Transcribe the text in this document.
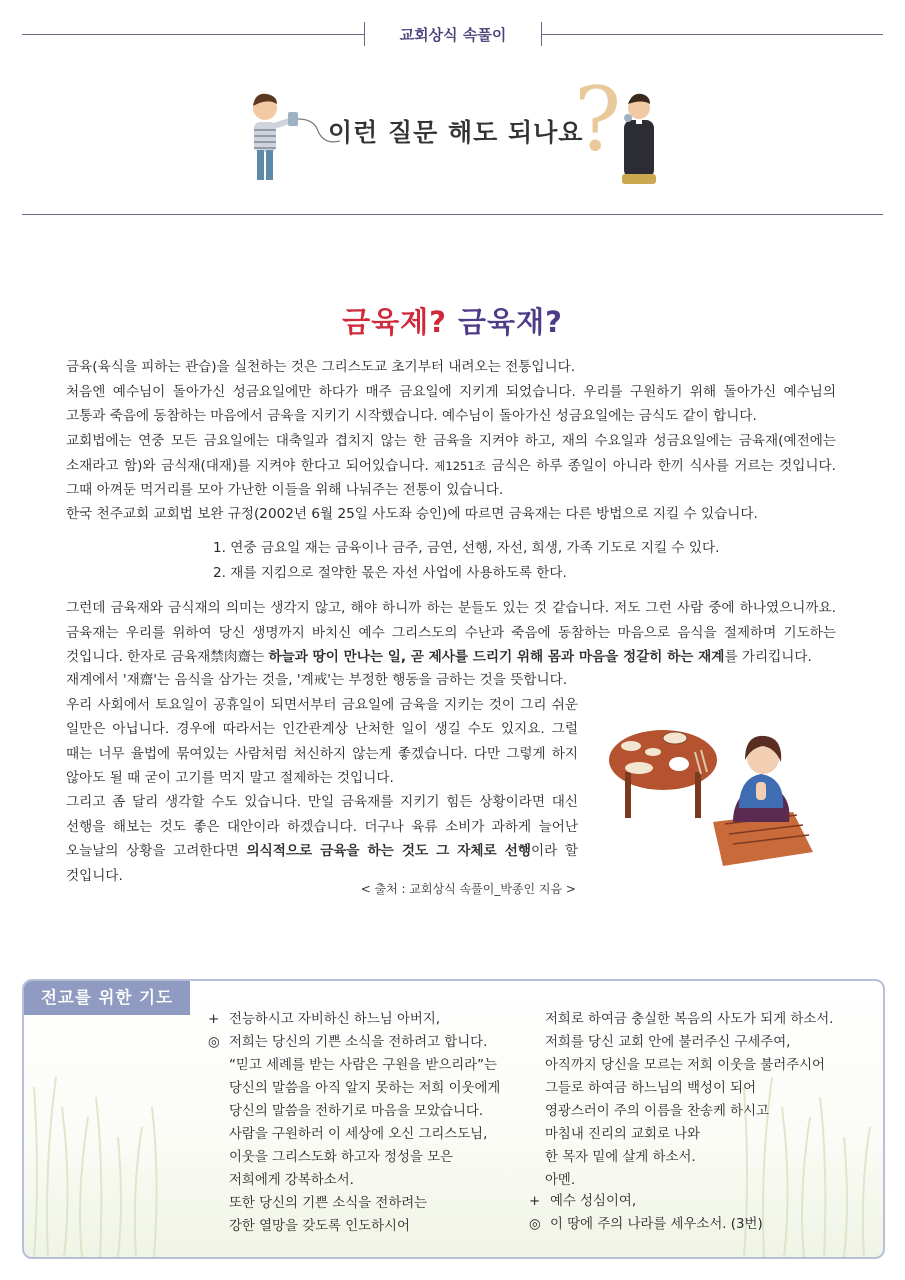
교회상식 속풀이
이런 질문 해도 되나요
?
금육제? 금육재?
금육(육식을 피하는 관습)을 실천하는 것은 그리스도교 초기부터 내려오는 전통입니다.
처음엔 예수님이 돌아가신 성금요일에만 하다가 매주 금요일에 지키게 되었습니다. 우리를 구원하기 위해 돌아가신 예수님의 고통과 죽음에 동참하는 마음에서 금육을 지키기 시작했습니다. 예수님이 돌아가신 성금요일에는 금식도 같이 합니다.
교회법에는 연중 모든 금요일에는 대축일과 겹치지 않는 한 금육을 지켜야 하고, 재의 수요일과 성금요일에는 금육재(예전에는 소재라고 함)와 금식재(대재)를 지켜야 한다고 되어있습니다. 제1251조 금식은 하루 종일이 아니라 한끼 식사를 거르는 것입니다. 그때 아껴둔 먹거리를 모아 가난한 이들을 위해 나눠주는 전통이 있습니다.
한국 천주교회 교회법 보완 규정(2002년 6월 25일 사도좌 승인)에 따르면 금육재는 다른 방법으로 지킬 수 있습니다.
1. 연중 금요일 재는 금육이나 금주, 금연, 선행, 자선, 희생, 가족 기도로 지킬 수 있다.
2. 재를 지킴으로 절약한 몫은 자선 사업에 사용하도록 한다.
그런데 금육재와 금식재의 의미는 생각지 않고, 해야 하니까 하는 분들도 있는 것 같습니다. 저도 그런 사람 중에 하나였으니까요. 금육재는 우리를 위하여 당신 생명까지 바치신 예수 그리스도의 수난과 죽음에 동참하는 마음으로 음식을 절제하며 기도하는 것입니다. 한자로 금육재禁肉齋는 하늘과 땅이 만나는 일, 곧 제사를 드리기 위해 몸과 마음을 정갈히 하는 재계를 가리킵니다.
재계에서 '재齋'는 음식을 삼가는 것을, '계戒'는 부정한 행동을 금하는 것을 뜻합니다.
우리 사회에서 토요일이 공휴일이 되면서부터 금요일에 금육을 지키는 것이 그리 쉬운 일만은 아닙니다. 경우에 따라서는 인간관계상 난처한 일이 생길 수도 있지요. 그럴 때는 너무 율법에 묶여있는 사람처럼 처신하지 않는게 좋겠습니다. 다만 그렇게 하지 않아도 될 때 굳이 고기를 먹지 말고 절제하는 것입니다.
그리고 좀 달리 생각할 수도 있습니다. 만일 금육재를 지키기 힘든 상황이라면 대신 선행을 해보는 것도 좋은 대안이라 하겠습니다. 더구나 육류 소비가 과하게 늘어난 오늘날의 상황을 고려한다면 의식적으로 금육을 하는 것도 그 자체로 선행이라 할 것입니다.
< 출처 : 교회상식 속풀이_박종인 지음 >
전교를 위한 기도
+ 전능하시고 자비하신 하느님 아버지,
◎ 저희는 당신의 기쁜 소식을 전하려고 합니다.
“믿고 세례를 받는 사람은 구원을 받으리라”는
당신의 말씀을 아직 알지 못하는 저희 이웃에게
당신의 말씀을 전하기로 마음을 모았습니다.
사람을 구원하러 이 세상에 오신 그리스도님,
이웃을 그리스도화 하고자 정성을 모은
저희에게 강복하소서.
또한 당신의 기쁜 소식을 전하려는
강한 열망을 갖도록 인도하시어
저희로 하여금 충실한 복음의 사도가 되게 하소서.
저희를 당신 교회 안에 불러주신 구세주여,
아직까지 당신을 모르는 저희 이웃을 불러주시어
그들로 하여금 하느님의 백성이 되어
영광스러이 주의 이름을 찬송케 하시고
마침내 진리의 교회로 나와
한 목자 밑에 살게 하소서.
아멘.
+ 예수 성심이여,
◎ 이 땅에 주의 나라를 세우소서. (3번)
